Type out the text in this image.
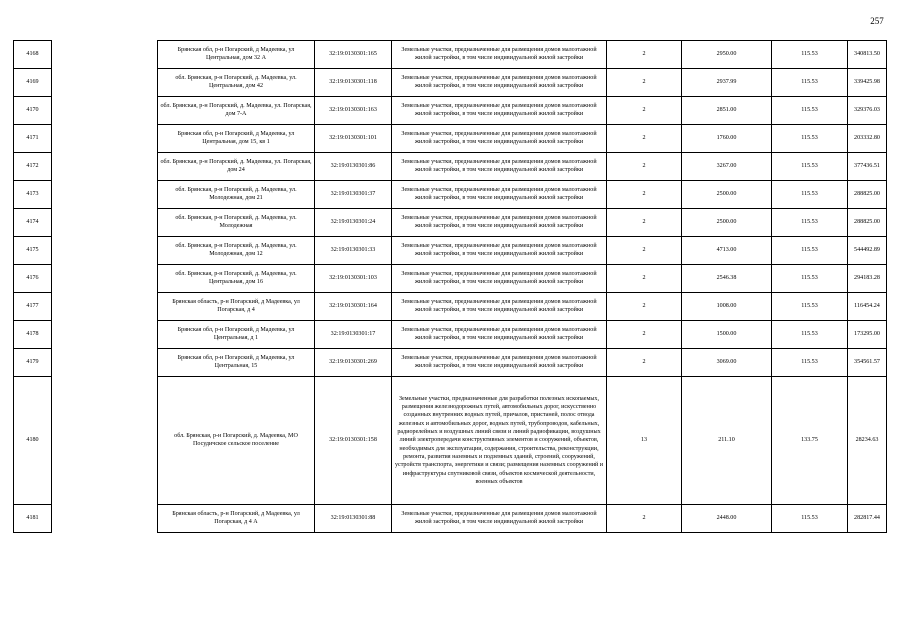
257
4168		Брянская обл, р-н Погарский, д Мадеевка, ул Центральная, дом 32 А	32:19:0130301:165	Земельные участки, предназначенные для размещения домов малоэтажной жилой застройки, в том числе индивидуальной жилой застройки	2	2950.00	115.53	340813.50
4169		обл. Брянская, р-н Погарский, д. Мадеевка, ул. Центральная, дом 42	32:19:0130301:118	Земельные участки, предназначенные для размещения домов малоэтажной жилой застройки, в том числе индивидуальной жилой застройки	2	2937.99	115.53	339425.98
4170		обл. Брянская, р-н Погарский, д. Мадеевка, ул. Погарская, дом 7-А	32:19:0130301:163	Земельные участки, предназначенные для размещения домов малоэтажной жилой застройки, в том числе индивидуальной жилой застройки	2	2851.00	115.53	329376.03
4171		Брянская обл, р-н Погарский, д Мадеевка, ул Центральная, дом 15, кв 1	32:19:0130301:101	Земельные участки, предназначенные для размещения домов малоэтажной жилой застройки, в том числе индивидуальной жилой застройки	2	1760.00	115.53	203332.80
4172		обл. Брянская, р-н Погарский, д. Мадеевка, ул. Погарская, дом 24	32:19:0130301:86	Земельные участки, предназначенные для размещения домов малоэтажной жилой застройки, в том числе индивидуальной жилой застройки	2	3267.00	115.53	377436.51
4173		обл. Брянская, р-н Погарский, д. Мадеевка, ул. Молодежная, дом 21	32:19:0130301:37	Земельные участки, предназначенные для размещения домов малоэтажной жилой застройки, в том числе индивидуальной жилой застройки	2	2500.00	115.53	288825.00
4174		обл. Брянская, р-н Погарский, д. Мадеевка, ул. Молодежная	32:19:0130301:24	Земельные участки, предназначенные для размещения домов малоэтажной жилой застройки, в том числе индивидуальной жилой застройки	2	2500.00	115.53	288825.00
4175		обл. Брянская, р-н Погарский, д. Мадеевка, ул. Молодежная, дом 12	32:19:0130301:33	Земельные участки, предназначенные для размещения домов малоэтажной жилой застройки, в том числе индивидуальной жилой застройки	2	4713.00	115.53	544492.89
4176		обл. Брянская, р-н Погарский, д. Мадеевка, ул. Центральная, дом 16	32:19:0130301:103	Земельные участки, предназначенные для размещения домов малоэтажной жилой застройки, в том числе индивидуальной жилой застройки	2	2546.38	115.53	294183.28
4177		Брянская область, р-н Погарский, д Мадеевка, ул Погарская, д 4	32:19:0130301:164	Земельные участки, предназначенные для размещения домов малоэтажной жилой застройки, в том числе индивидуальной жилой застройки	2	1008.00	115.53	116454.24
4178		Брянская обл, р-н Погарский, д Мадеевка, ул Центральная, д 1	32:19:0130301:17	Земельные участки, предназначенные для размещения домов малоэтажной жилой застройки, в том числе индивидуальной жилой застройки	2	1500.00	115.53	173295.00
4179		Брянская обл, р-н Погарский, д Мадеевка, ул Центральная, 15	32:19:0130301:269	Земельные участки, предназначенные для размещения домов малоэтажной жилой застройки, в том числе индивидуальной жилой застройки	2	3069.00	115.53	354561.57
4180		обл. Брянская, р-н Погарский, д. Мадеевка, МО Посудичское сельское поселение	32:19:0130301:158	Земельные участки, предназначенные для разработки полезных ископаемых, размещения железнодорожных путей, автомобильных дорог, искусственно созданных внутренних водных путей, причалов, пристаней, полос отвода железных и автомобильных дорог, водных путей, трубопроводов, кабельных, радиорелейных и воздушных линий связи и линий радиофикации, воздушных линий электропередачи конструктивных элементов и сооружений, объектов, необходимых для эксплуатации, содержания, строительства, реконструкции, ремонта, развития наземных и подземных зданий, строений, сооружений, устройств транспорта, энергетики и связи; размещения наземных сооружений и инфраструктуры спутниковой связи, объектов космической деятельности, военных объектов	13	211.10	133.75	28234.63
4181		Брянская область, р-н Погарский, д Мадеевка, ул Погарская, д 4 А	32:19:0130301:88	Земельные участки, предназначенные для размещения домов малоэтажной жилой застройки, в том числе индивидуальной жилой застройки	2	2448.00	115.53	282817.44
